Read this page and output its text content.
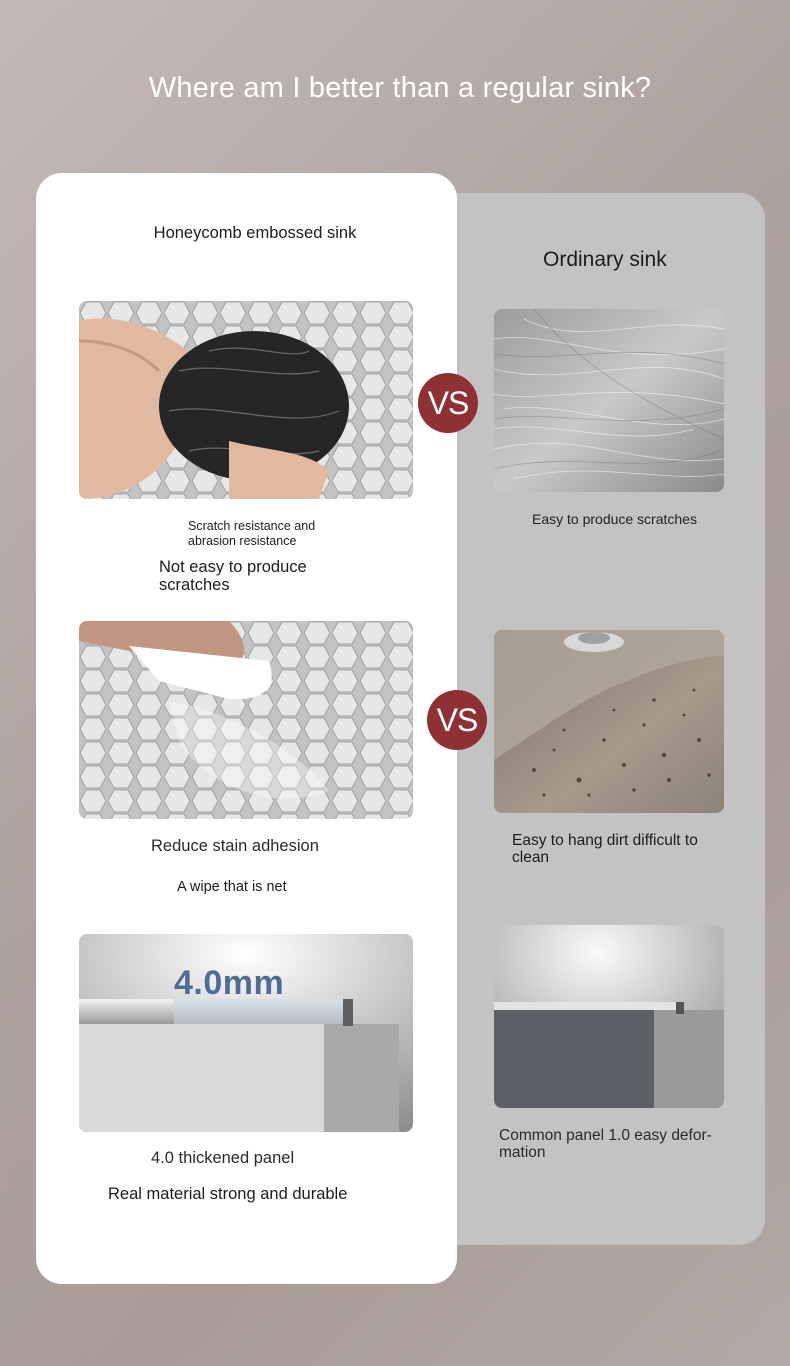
Where am I better than a regular sink?
Ordinary sink
Easy to produce scratches
Easy to hang dirt difficult to clean
Common panel 1.0 easy defor-mation
Honeycomb embossed sink
Scratch resistance and abrasion resistance
Not easy to produce scratches
Reduce stain adhesion
A wipe that is net
4.0mm
4.0 thickened panel
Real material strong and durable
VS
VS
